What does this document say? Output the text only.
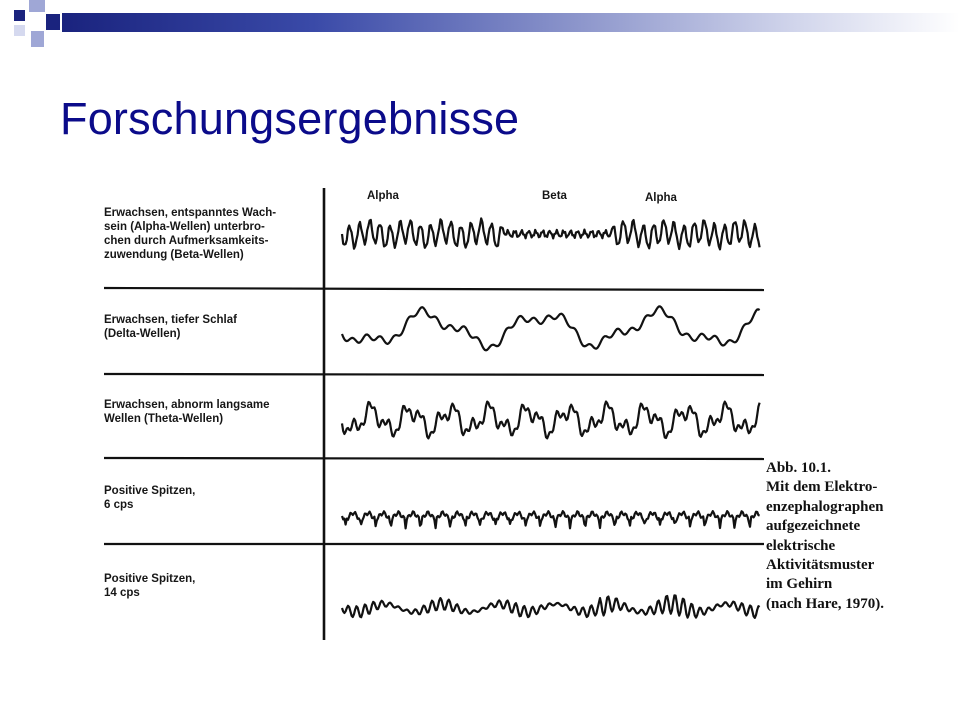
Forschungsergebnisse
Alpha	Beta	Alpha
Erwachsen, entspanntes Wach-
sein (Alpha-Wellen) unterbro-
chen durch Aufmerksamkeits-
zuwendung (Beta-Wellen)
Erwachsen, tiefer Schlaf
(Delta-Wellen)
Erwachsen, abnorm langsame
Wellen (Theta-Wellen)
Positive Spitzen,
6 cps
Positive Spitzen,
14 cps
Abb. 10.1.
Mit dem Elektro-
enzephalographen
aufgezeichnete
elektrische
Aktivitätsmuster
im Gehirn
(nach Hare, 1970).
